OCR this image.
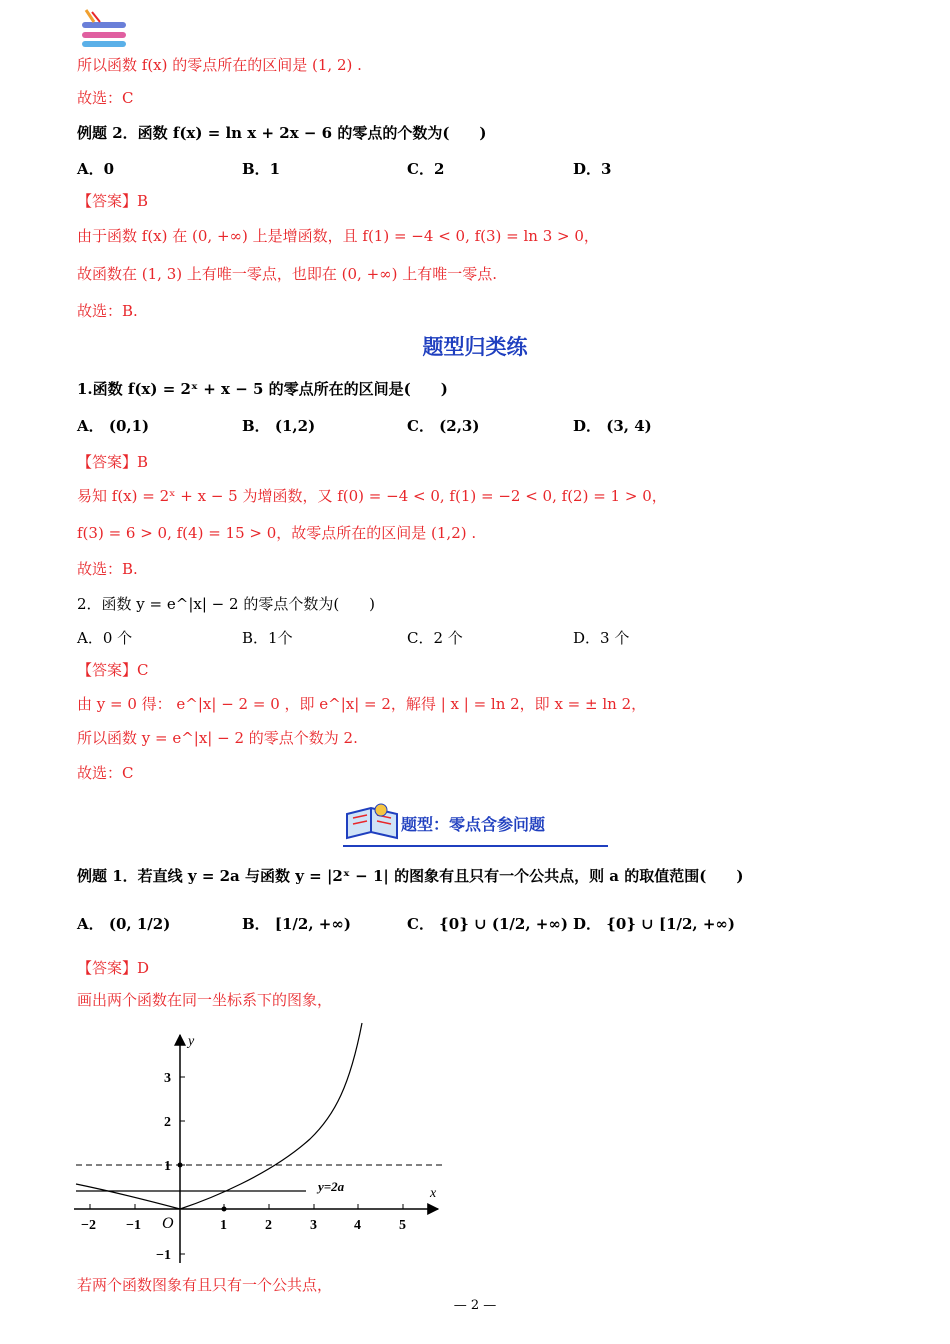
所以函数 f(x) 的零点所在的区间是 (1, 2) .
故选：C
例题 2．函数 f(x) = ln x + 2x − 6 的零点的个数为(　　)
A．0	B．1	C．2	D．3
【答案】B
由于函数 f(x) 在 (0, +∞) 上是增函数，且 f(1) = −4 < 0, f(3) = ln 3 > 0，
故函数在 (1, 3) 上有唯一零点，也即在 (0, +∞) 上有唯一零点.
故选：B.
题型归类练
1.函数 f(x) = 2ˣ + x − 5 的零点所在的区间是(　　)
A． (0,1)	B． (1,2)	C． (2,3)	D． (3, 4)
【答案】B
易知 f(x) = 2ˣ + x − 5 为增函数，又 f(0) = −4 < 0, f(1) = −2 < 0, f(2) = 1 > 0，
f(3) = 6 > 0, f(4) = 15 > 0，故零点所在的区间是 (1,2) .
故选：B.
2．函数 y = e^|x| − 2 的零点个数为(　　)
A．0 个	B．1个	C．2 个	D．3 个
【答案】C
由 y = 0 得： e^|x| − 2 = 0 ，即 e^|x| = 2，解得 | x | = ln 2，即 x = ± ln 2，
所以函数 y = e^|x| − 2 的零点个数为 2.
故选：C
题型：零点含参问题
例题 1．若直线 y = 2a 与函数 y = |2ˣ − 1| 的图象有且只有一个公共点，则 a 的取值范围(　　)
A． (0, 1/2)	B． [1/2, +∞)	C． {0} ∪ (1/2, +∞) D． {0} ∪ [1/2, +∞)
【答案】D
画出两个函数在同一坐标系下的图象，
−2 −1 O	1	2	3	4	5
3
2
1
−1
y
x
y=2a
若两个函数图象有且只有一个公共点，
— 2 —
